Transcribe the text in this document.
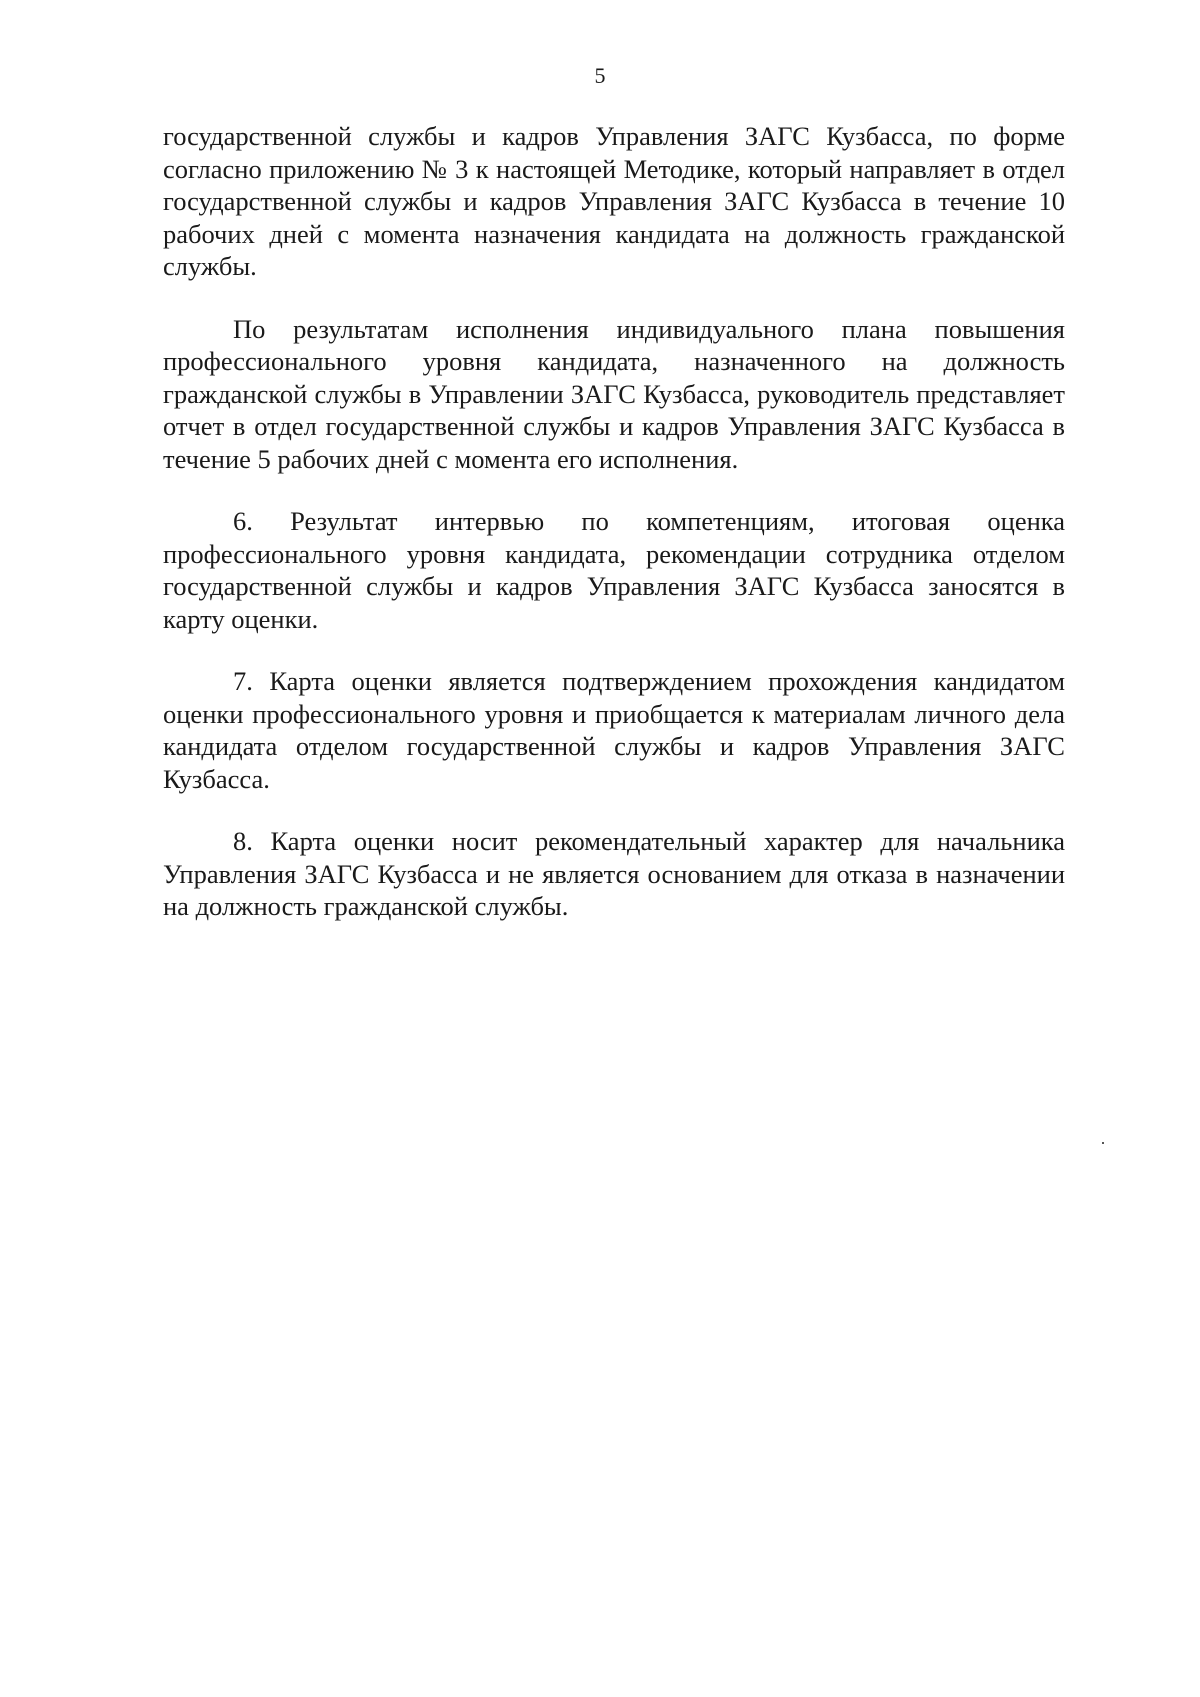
5

государственной службы и кадров Управления ЗАГС Кузбасса, по форме согласно приложению № 3 к настоящей Методике, который направляет в отдел государственной службы и кадров Управления ЗАГС Кузбасса в течение 10 рабочих дней с момента назначения кандидата на должность гражданской службы.

По результатам исполнения индивидуального плана повышения профессионального уровня кандидата, назначенного на должность гражданской службы в Управлении ЗАГС Кузбасса, руководитель представляет отчет в отдел государственной службы и кадров Управления ЗАГС Кузбасса в течение 5 рабочих дней с момента его исполнения.

6. Результат интервью по компетенциям, итоговая оценка профессионального уровня кандидата, рекомендации сотрудника отделом государственной службы и кадров Управления ЗАГС Кузбасса заносятся в карту оценки.

7. Карта оценки является подтверждением прохождения кандидатом оценки профессионального уровня и приобщается к материалам личного дела кандидата отделом государственной службы и кадров Управления ЗАГС Кузбасса.

8. Карта оценки носит рекомендательный характер для начальника Управления ЗАГС Кузбасса и не является основанием для отказа в назначении на должность гражданской службы.
